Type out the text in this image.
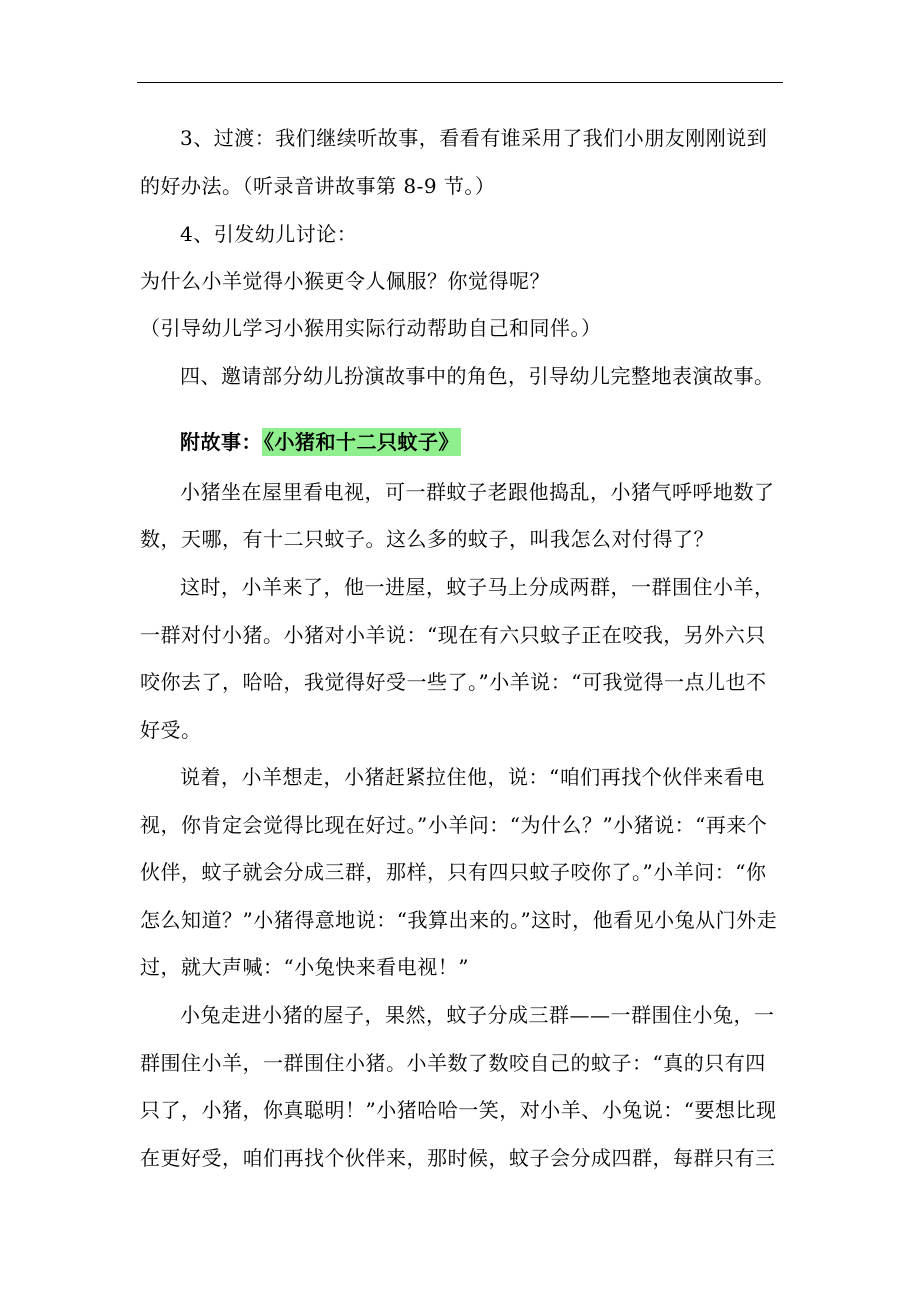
3、过渡：我们继续听故事，看看有谁采用了我们小朋友刚刚说到
的好办法。（听录音讲故事第 8-9 节。）
4、引发幼儿讨论：
为什么小羊觉得小猴更令人佩服？你觉得呢？
（引导幼儿学习小猴用实际行动帮助自己和同伴。）
四、邀请部分幼儿扮演故事中的角色，引导幼儿完整地表演故事。
附故事： 《小猪和十二只蚊子》
小猪坐在屋里看电视，可一群蚊子老跟他捣乱，小猪气呼呼地数了
数，天哪，有十二只蚊子。这么多的蚊子，叫我怎么对付得了？
这时，小羊来了，他一进屋，蚊子马上分成两群，一群围住小羊，
一群对付小猪。小猪对小羊说：“现在有六只蚊子正在咬我，另外六只
咬你去了，哈哈，我觉得好受一些了。”小羊说：“可我觉得一点儿也不
好受。
说着，小羊想走，小猪赶紧拉住他，说：“咱们再找个伙伴来看电
视，你肯定会觉得比现在好过。”小羊问：“为什么？”小猪说：“再来个
伙伴，蚊子就会分成三群，那样，只有四只蚊子咬你了。”小羊问：“你
怎么知道？”小猪得意地说：“我算出来的。”这时，他看见小兔从门外走
过，就大声喊：“小兔快来看电视！”
小兔走进小猪的屋子，果然，蚊子分成三群——一群围住小兔，一
群围住小羊，一群围住小猪。小羊数了数咬自己的蚊子：“真的只有四
只了，小猪，你真聪明！”小猪哈哈一笑，对小羊、小兔说：“要想比现
在更好受，咱们再找个伙伴来，那时候，蚊子会分成四群，每群只有三
